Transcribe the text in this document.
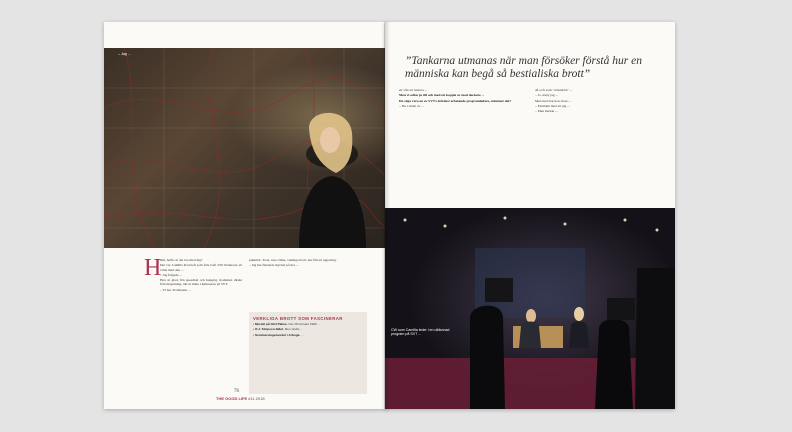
– Jag ...
H

allå, hallå, är det bra med dig?

Det var Camilla Kvartoft som fick Luft UW Petterson att vrida med den ...

– Jag frågade ...

Hon ni glad, fön speediad och hungrig. Kommen direkt från inspelning, rätt ut mina i kulisserna på SVT.

– Vi har 45 minuter ...

punktlat. Toon, true crime, verkliga brott, har fått ett uppsving.

– Jag har funderat mycket på det. ...

VERKLIGA BROTT SOM FASCINERAR
• Mordet på Olof Palme. Det 28 februari 1986 ...
• O.J. Simpson-fallet. Men skulle ...
• Sommarstugemordet i Arboga. ...
76
THE GOOD LIFE #11.2018
”Tankarna utmanas när man försöker förstå hur en människa kan begå så bestialiska brott”

ett vått att bastera ...

Men vi odlas ju till och med ett kopple av med dockare ...

Du säga vara en av SVT:s hårdast arbetande programledare, stämmer det?

– Nu i slutet av ...

då ovfr som "arbetslöst" ...

– Jo, nuny jag ...

Men med har hon visas ...

– Fenilden med att jag ...

– Men medan ...

CW som Camilla leder i en utlämnad program på SVT ...
